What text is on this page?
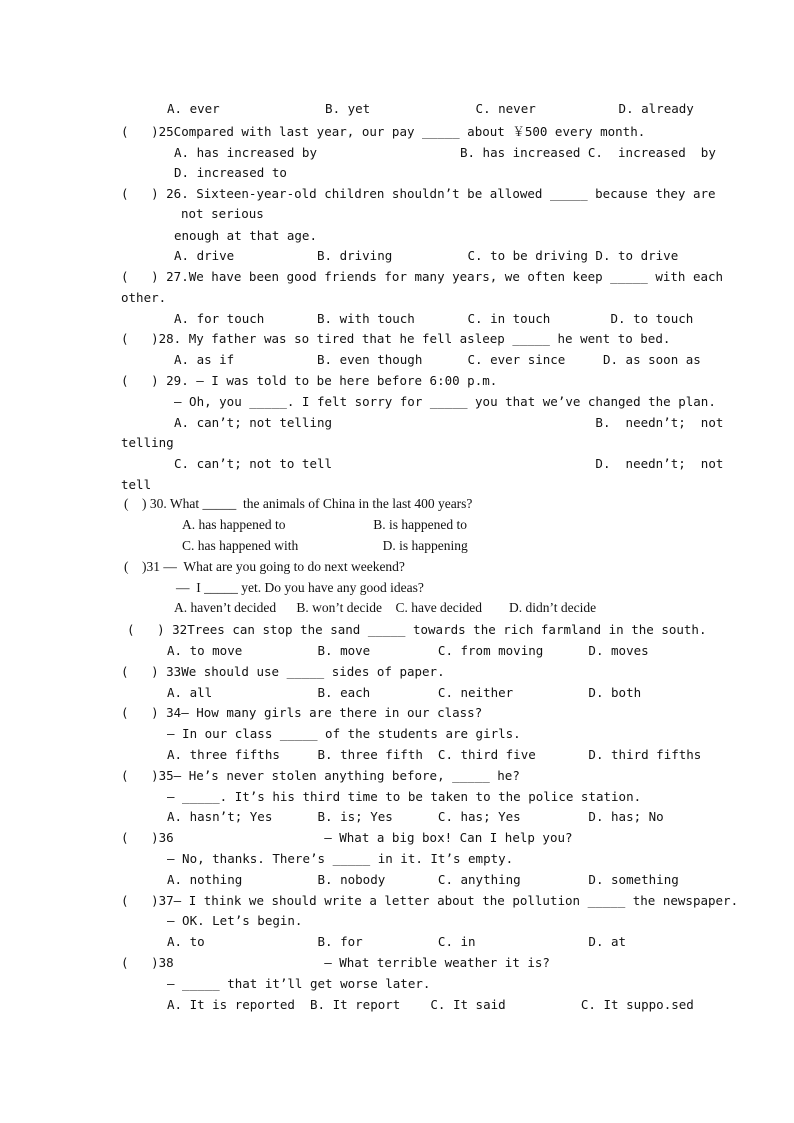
A. ever              B. yet              C. never           D. already
(   )25Compared with last year, our pay _____ about ￥500 every month.
A. has increased by                   B. has increased C.  increased  by
D. increased to
(   ) 26. Sixteen-year-old children shouldn’t be allowed _____ because they are
not serious
enough at that age.
A. drive           B. driving          C. to be driving D. to drive
(   ) 27.We have been good friends for many years, we often keep _____ with each
other.
A. for touch       B. with touch       C. in touch        D. to touch
(   )28. My father was so tired that he fell asleep _____ he went to bed.
A. as if           B. even though      C. ever since     D. as soon as
(   ) 29. — I was told to be here before 6:00 p.m.
— Oh, you _____. I felt sorry for _____ you that we’ve changed the plan.
A. can’t; not telling                                   B.  needn’t;  not
telling
C. can’t; not to tell                                   D.  needn’t;  not
tell
(    ) 30. What _____  the animals of China in the last 400 years?
A. has happened to                          B. is happened to
C. has happened with                         D. is happening
(    )31 —  What are you going to do next weekend?
—  I _____ yet. Do you have any good ideas?
A. haven’t decided      B. won’t decide    C. have decided        D. didn’t decide
(   ) 32Trees can stop the sand _____ towards the rich farmland in the south.
A. to move          B. move         C. from moving      D. moves
(   ) 33We should use _____ sides of paper.
A. all              B. each         C. neither          D. both
(   ) 34— How many girls are there in our class?
— In our class _____ of the students are girls.
A. three fifths     B. three fifth  C. third five       D. third fifths
(   )35— He’s never stolen anything before, _____ he?
— _____. It’s his third time to be taken to the police station.
A. hasn’t; Yes      B. is; Yes      C. has; Yes         D. has; No
(   )36                    — What a big box! Can I help you?
— No, thanks. There’s _____ in it. It’s empty.
A. nothing          B. nobody       C. anything         D. something
(   )37— I think we should write a letter about the pollution _____ the newspaper.
— OK. Let’s begin.
A. to               B. for          C. in               D. at
(   )38                    — What terrible weather it is?
— _____ that it’ll get worse later.
A. It is reported  B. It report    C. It said          C. It suppo.sed
